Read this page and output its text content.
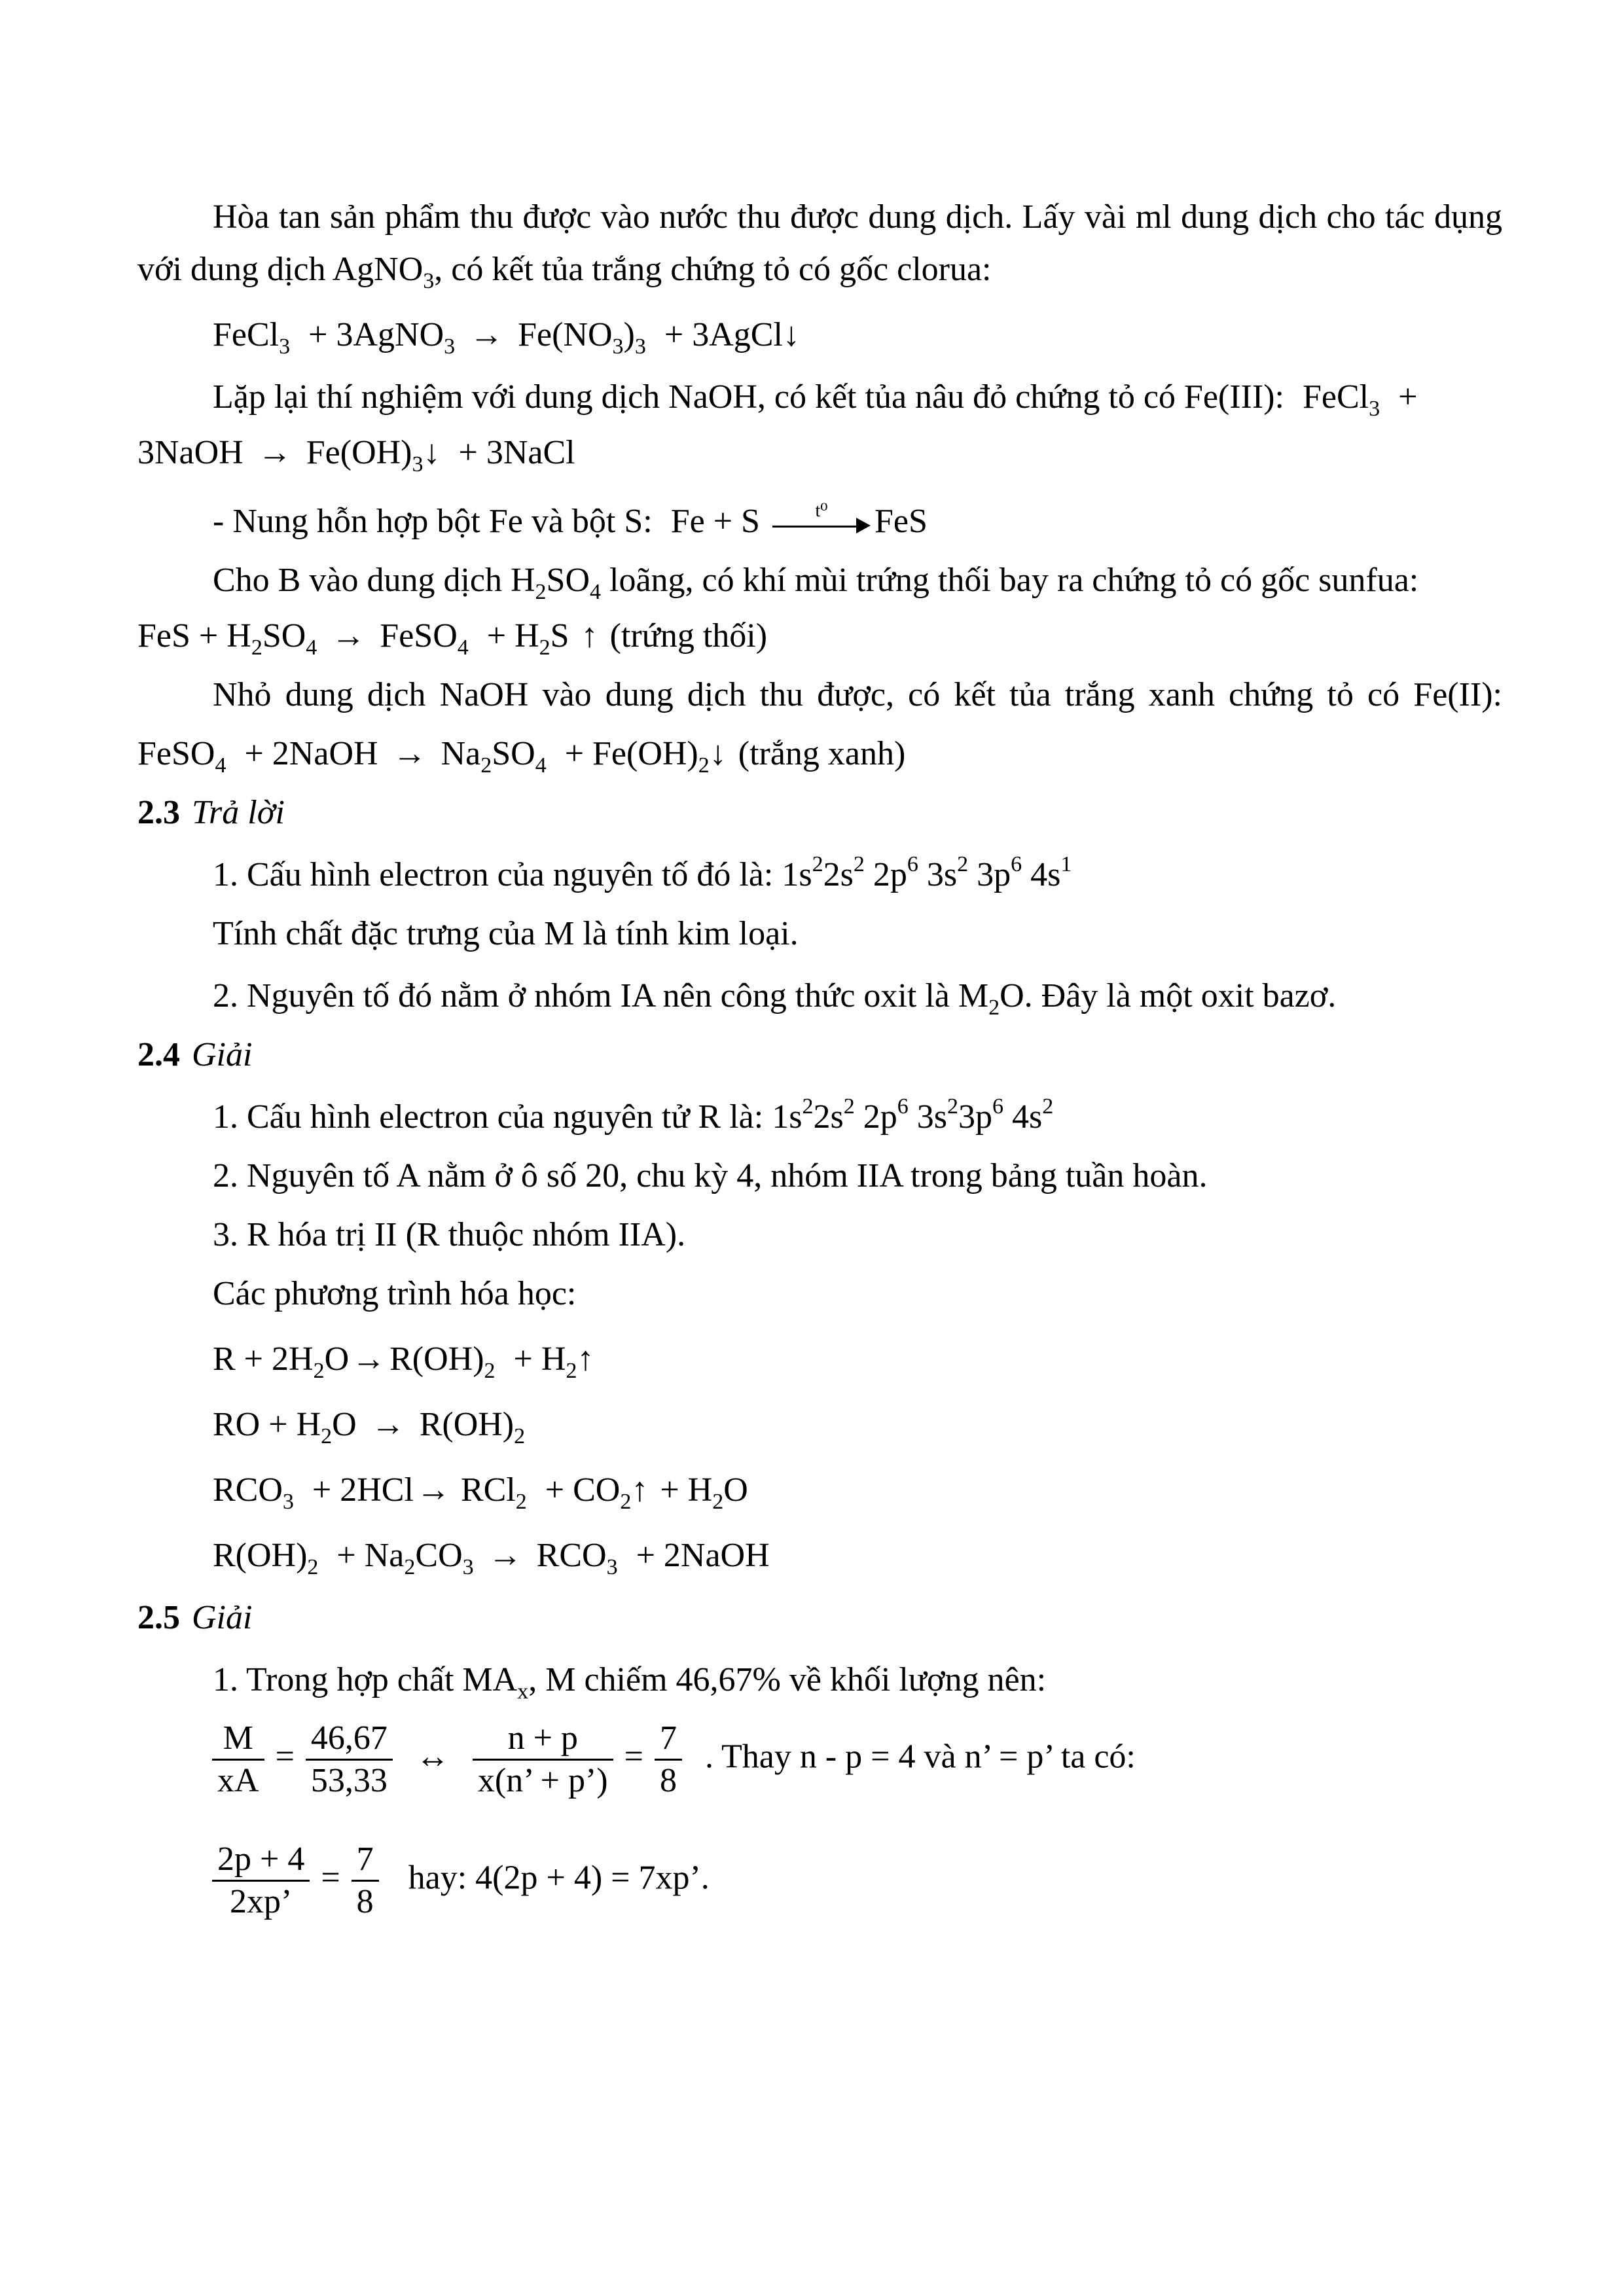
Hòa tan sản phẩm thu được vào nước thu được dung dịch. Lấy vài ml dung dịch cho tác dụng
với dung dịch AgNO$_3$, có kết tủa trắng chứng tỏ có gốc clorua:
FeCl$_3$ + 3AgNO$_3$ → $Fe(NO_3)_3$ + 3AgCl↓
Lặp lại thí nghiệm với dung dịch NaOH, có kết tủa nâu đỏ chứng tỏ có Fe(III): FeCl$_3$ +
3NaOH → $Fe(OH)_3↓$ + 3NaCl
- Nung hỗn hợp bột Fe và bột S: Fe + S	t⁰	FeS
Cho B vào dung dịch $H_2SO_4$ loãng, có khí mùi trứng thối bay ra chứng tỏ có gốc sunfua:
FeS + $H_2SO_4$ → FeSO$_4$ + $H_2S$ ↑ (trứng thối)
Nhỏ dung dịch NaOH vào dung dịch thu được, có kết tủa trắng xanh chứng tỏ có Fe(II):
FeSO$_4$ + 2NaOH → $Na_2SO_4$ + $Fe(OH)_2↓$ (trắng xanh)
2.3 Trả lời
1. Cấu hình electron của nguyên tố đó là: $1s^22s^2$ $2p^6$ $3s^2$ $3p^6$ $4s^1$
Tính chất đặc trưng của M là tính kim loại.
2. Nguyên tố đó nằm ở nhóm IA nên công thức oxit là $M_2O$. Đây là một oxit bazơ.
2.4 Giải
1. Cấu hình electron của nguyên tử R là: $1s^22s^2$ $2p^6$ $3s^23p^6$ $4s^2$
2. Nguyên tố A nằm ở ô số 20, chu kỳ 4, nhóm IIA trong bảng tuần hoàn.
3. R hóa trị II (R thuộc nhóm IIA).
Các phương trình hóa học:
$R + 2H_2O\to R(OH)_2$ + $H_2↑$
RO + $H_2O \to R(OH)_2$
$RCO_3 + 2HCl\to RCl_2$ + $CO_2↑ + H_2O$
$R(OH)_2 + Na_2CO_3 \to RCO_3$ + 2NaOH
2.5 Giải
1. Trong hợp chất $MA_x$, M chiếm 46,67% về khối lượng nên:
$\frac{M}{xA} = \frac{46,67}{53,33}$ ↔ $\frac{n + p}{x(n’ + p’)} = \frac{7}{8}$ . Thay n - p = 4 và n’ = p’ ta có:
$\frac{2p + 4}{2xp’} = \frac{7}{8}$ hay: 4(2p + 4) = 7xp’.
